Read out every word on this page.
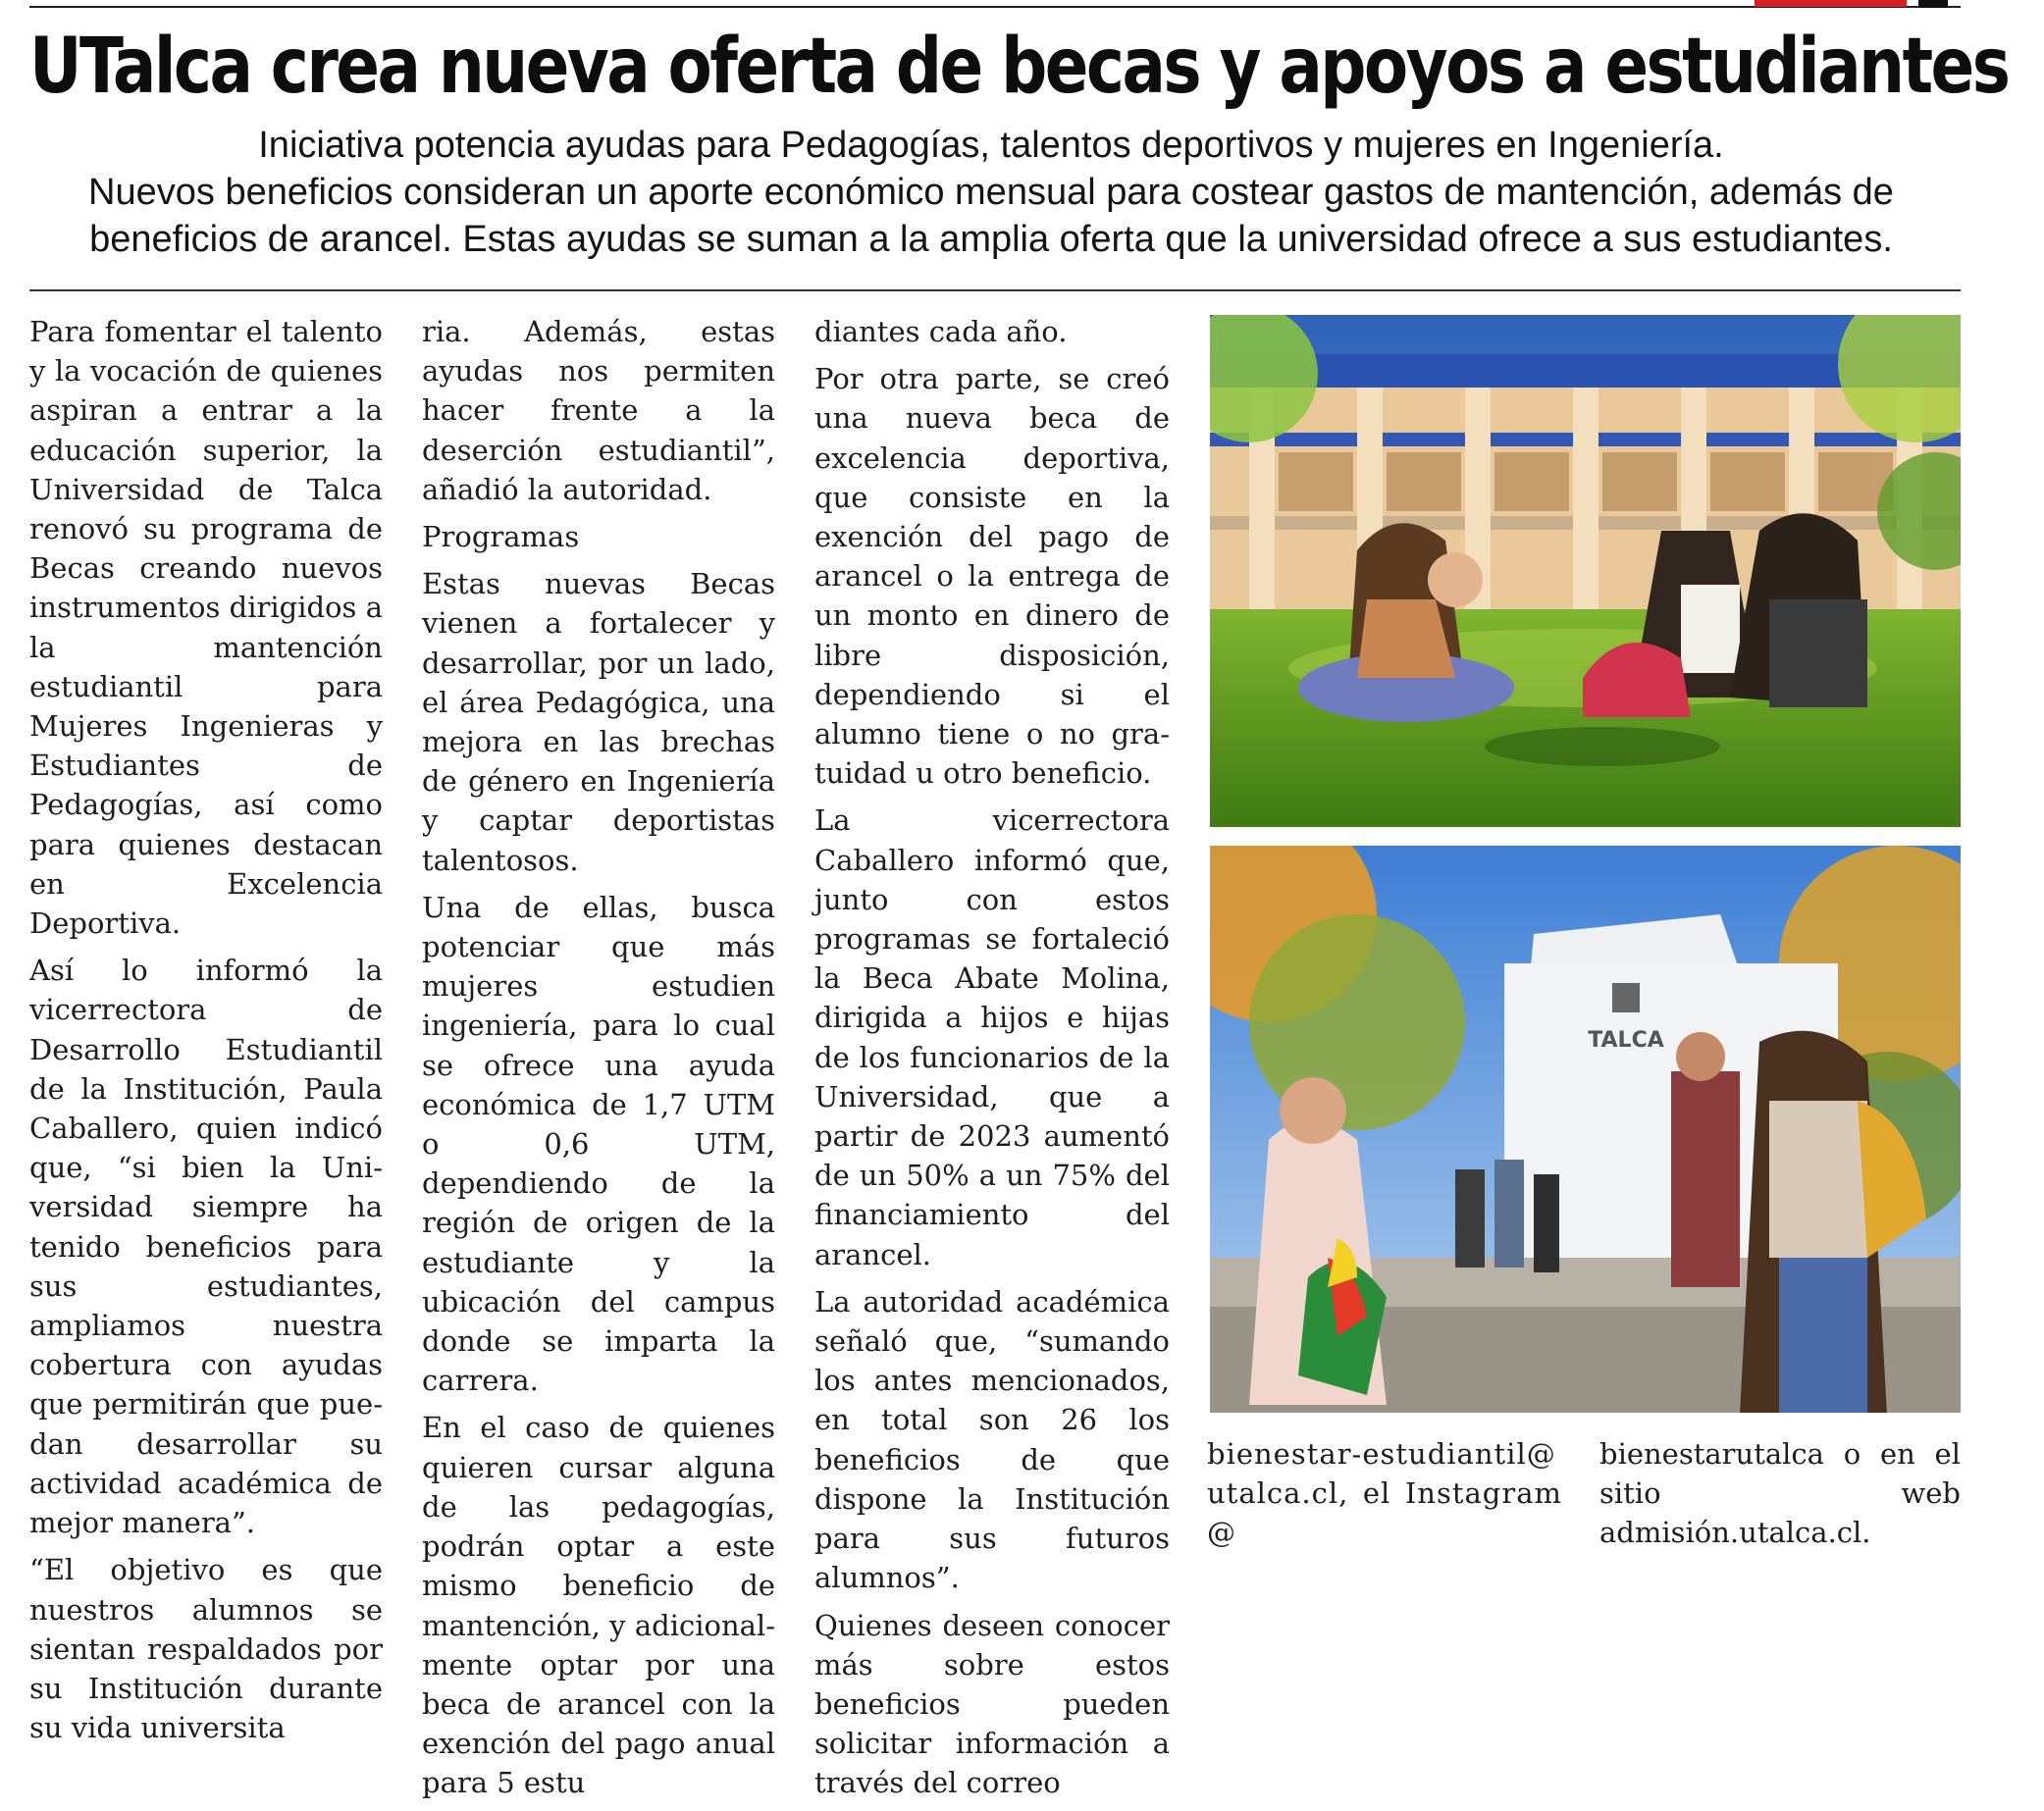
UTalca crea nueva oferta de becas y apoyos a estudiantes

Iniciativa potencia ayudas para Pedagogías, talentos deportivos y mujeres en Ingeniería.

Nuevos beneficios consideran un aporte económico mensual para costear gastos de mantención, además de

beneficios de arancel. Estas ayudas se suman a la amplia oferta que la universidad ofrece a sus estudiantes.

Para fomentar el talento y la vocación de quienes aspiran a entrar a la educación superior, la Universidad de Talca renovó su programa de Becas creando nuevos instrumentos dirigidos a la mantención estudiantil para Mujeres Ingenieras y Estudiantes de Pedagogías, así como para quienes destacan en Excelencia Deportiva.

Así lo informó la vicerrectora de Desarrollo Estudiantil de la Institución, Paula Caballero, quien indicó que, “si bien la Universidad siempre ha tenido beneficios para sus estudiantes, ampliamos nuestra cobertura con ayudas que permitirán que puedan desarrollar su actividad académica de mejor manera”.

“El objetivo es que nuestros alumnos se sientan respaldados por su Institución durante su vida universita

ria. Además, estas ayudas nos permiten hacer frente a la deserción estudiantil”, añadió la autoridad.

Programas

Estas nuevas Becas vienen a fortalecer y desarrollar, por un lado, el área Pedagógica, una mejora en las brechas de género en Ingeniería y captar deportistas talentosos.

Una de ellas, busca potenciar que más mujeres estudien ingeniería, para lo cual se ofrece una ayuda económica de 1,7 UTM o 0,6 UTM, dependiendo de la región de origen de la estudiante y la ubicación del campus donde se imparta la carrera.

En el caso de quienes quieren cursar alguna de las pedagogías, podrán optar a este mismo beneficio de mantención, y adicionalmente optar por una beca de arancel con la exención del pago anual para 5 estu

diantes cada año.

Por otra parte, se creó una nueva beca de excelencia deportiva, que consiste en la exención del pago de arancel o la entrega de un monto en dinero de libre disposición, dependiendo si el alumno tiene o no gratuidad u otro beneficio.

La vicerrectora Caballero informó que, junto con estos programas se fortaleció la Beca Abate Molina, dirigida a hijos e hijas de los funcionarios de la Universidad, que a partir de 2023 aumentó de un 50% a un 75% del financiamiento del arancel.

La autoridad académica señaló que, “sumando los antes mencionados, en total son 26 los beneficios de que dispone la Institución para sus futuros alumnos”.

Quienes deseen conocer más sobre estos beneficios pueden solicitar información a través del correo

TALCA

bienestar-estudiantil@ utalca.cl, el Instagram @

bienestarutalca o en el sitio web admisión.utalca.cl.
